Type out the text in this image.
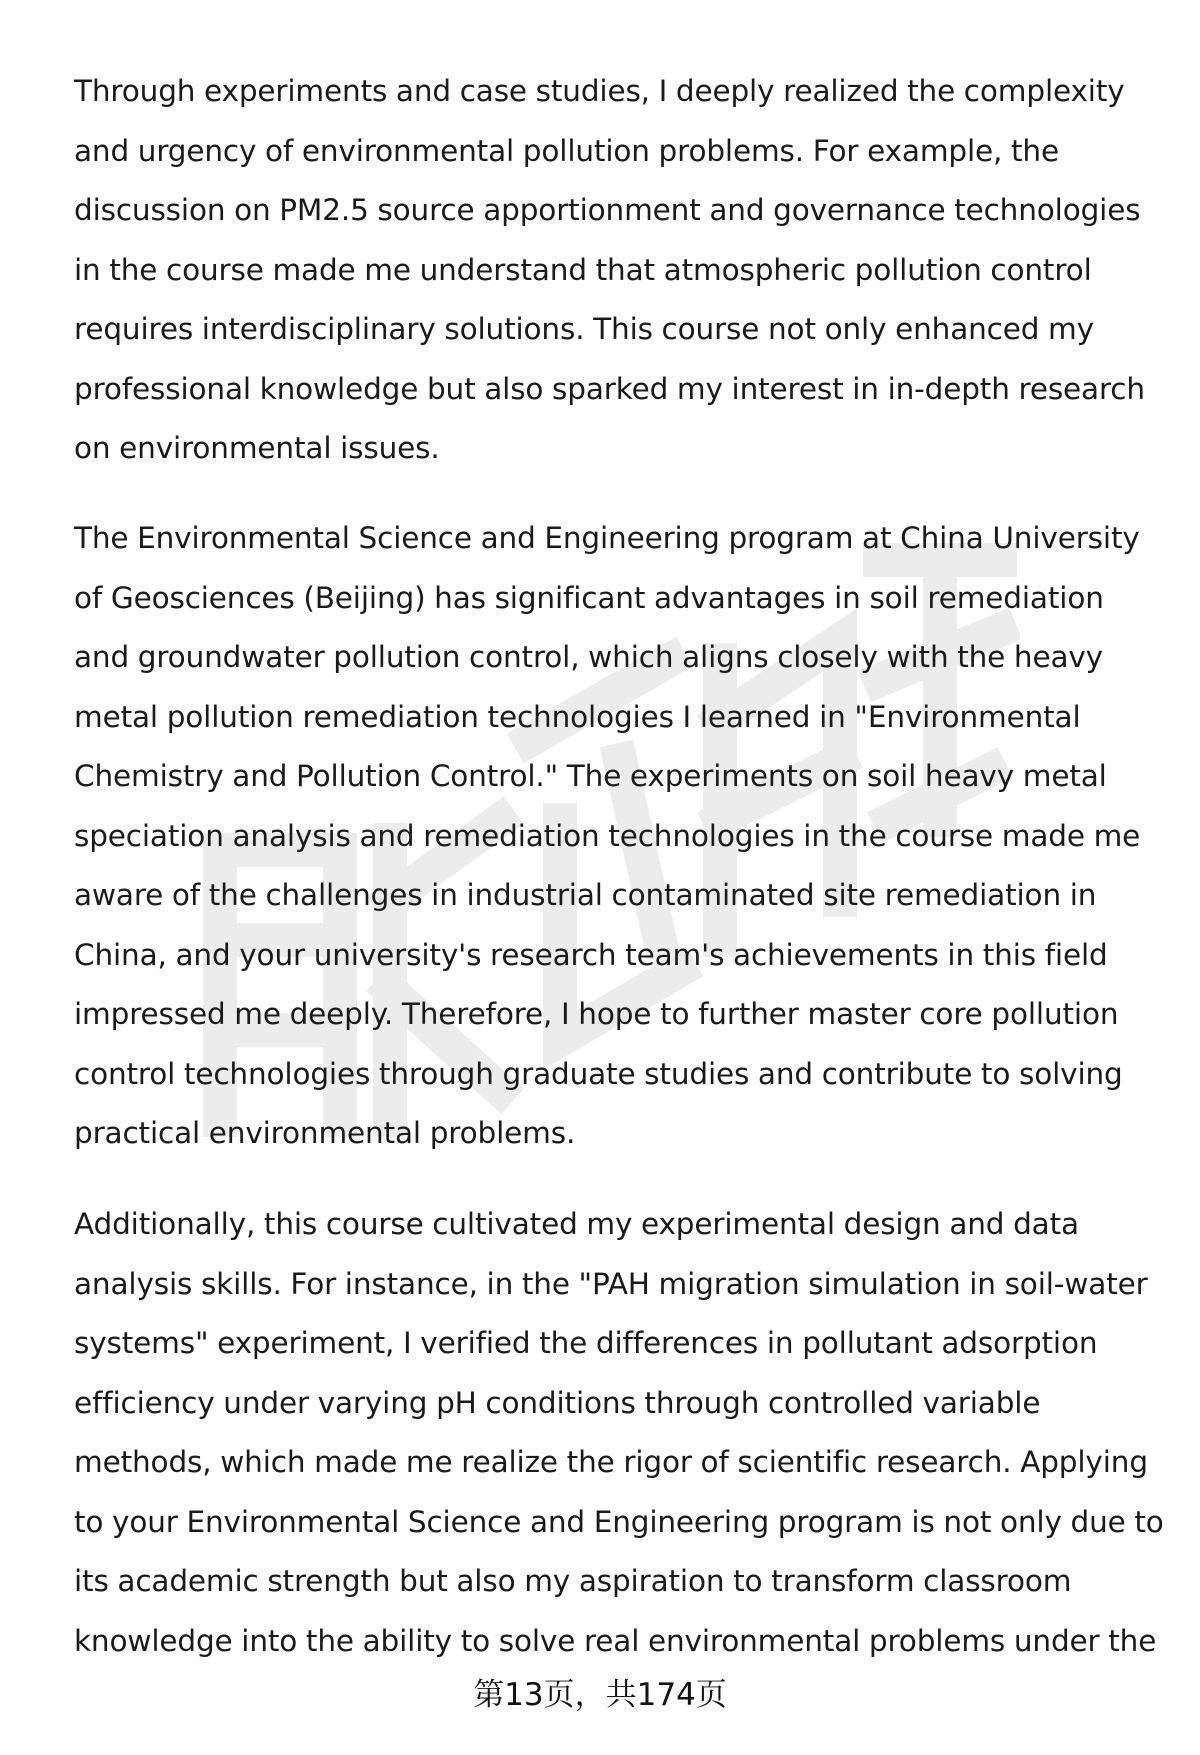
Through experiments and case studies, I deeply realized the complexity and urgency of environmental pollution problems. For example, the discussion on PM2.5 source apportionment and governance technologies in the course made me understand that atmospheric pollution control requires interdisciplinary solutions. This course not only enhanced my professional knowledge but also sparked my interest in in-depth research on environmental issues.

The Environmental Science and Engineering program at China University of Geosciences (Beijing) has significant advantages in soil remediation and groundwater pollution control, which aligns closely with the heavy metal pollution remediation technologies I learned in "Environmental Chemistry and Pollution Control." The experiments on soil heavy metal speciation analysis and remediation technologies in the course made me aware of the challenges in industrial contaminated site remediation in China, and your university's research team's achievements in this field impressed me deeply. Therefore, I hope to further master core pollution control technologies through graduate studies and contribute to solving practical environmental problems.

Additionally, this course cultivated my experimental design and data analysis skills. For instance, in the "PAH migration simulation in soil-water systems" experiment, I verified the differences in pollutant adsorption efficiency under varying pH conditions through controlled variable methods, which made me realize the rigor of scientific research. Applying to your Environmental Science and Engineering program is not only due to its academic strength but also my aspiration to transform classroom knowledge into the ability to solve real environmental problems under the

第13页，共174页
